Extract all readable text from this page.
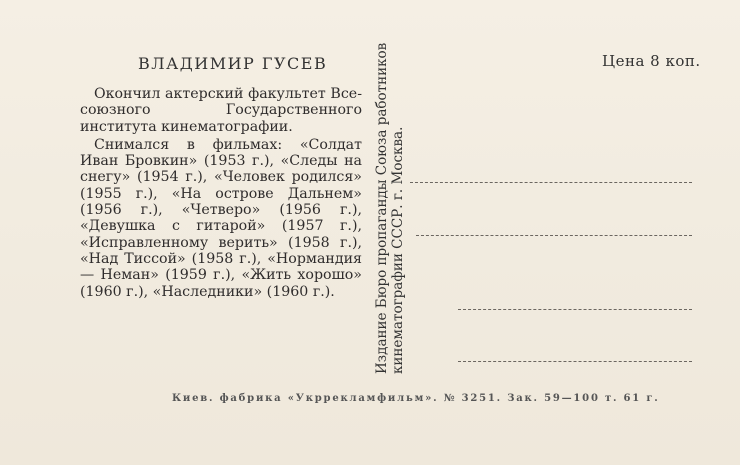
ВЛАДИМИР ГУСЕВ	Цена 8 коп.

Окончил актерский факультет Все-союзного Государственного института кинематографии.

Снимался в фильмах: «Солдат Иван Бровкин» (1953 г.), «Следы на снегу» (1954 г.), «Человек родился» (1955 г.), «На острове Дальнем» (1956 г.), «Четверо» (1956 г.), «Девушка с гитарой» (1957 г.), «Исправленному верить» (1958 г.), «Над Тиссой» (1958 г.), «Нормандия — Неман» (1959 г.), «Жить хорошо» (1960 г.), «Наследники» (1960 г.).	Издание Бюро пропаганды Союза работников кинематографии СССР. г. Москва.
Киев. фабрика «Укррекламфильм». № 3251. Зак. 59—100 т. 61 г.
